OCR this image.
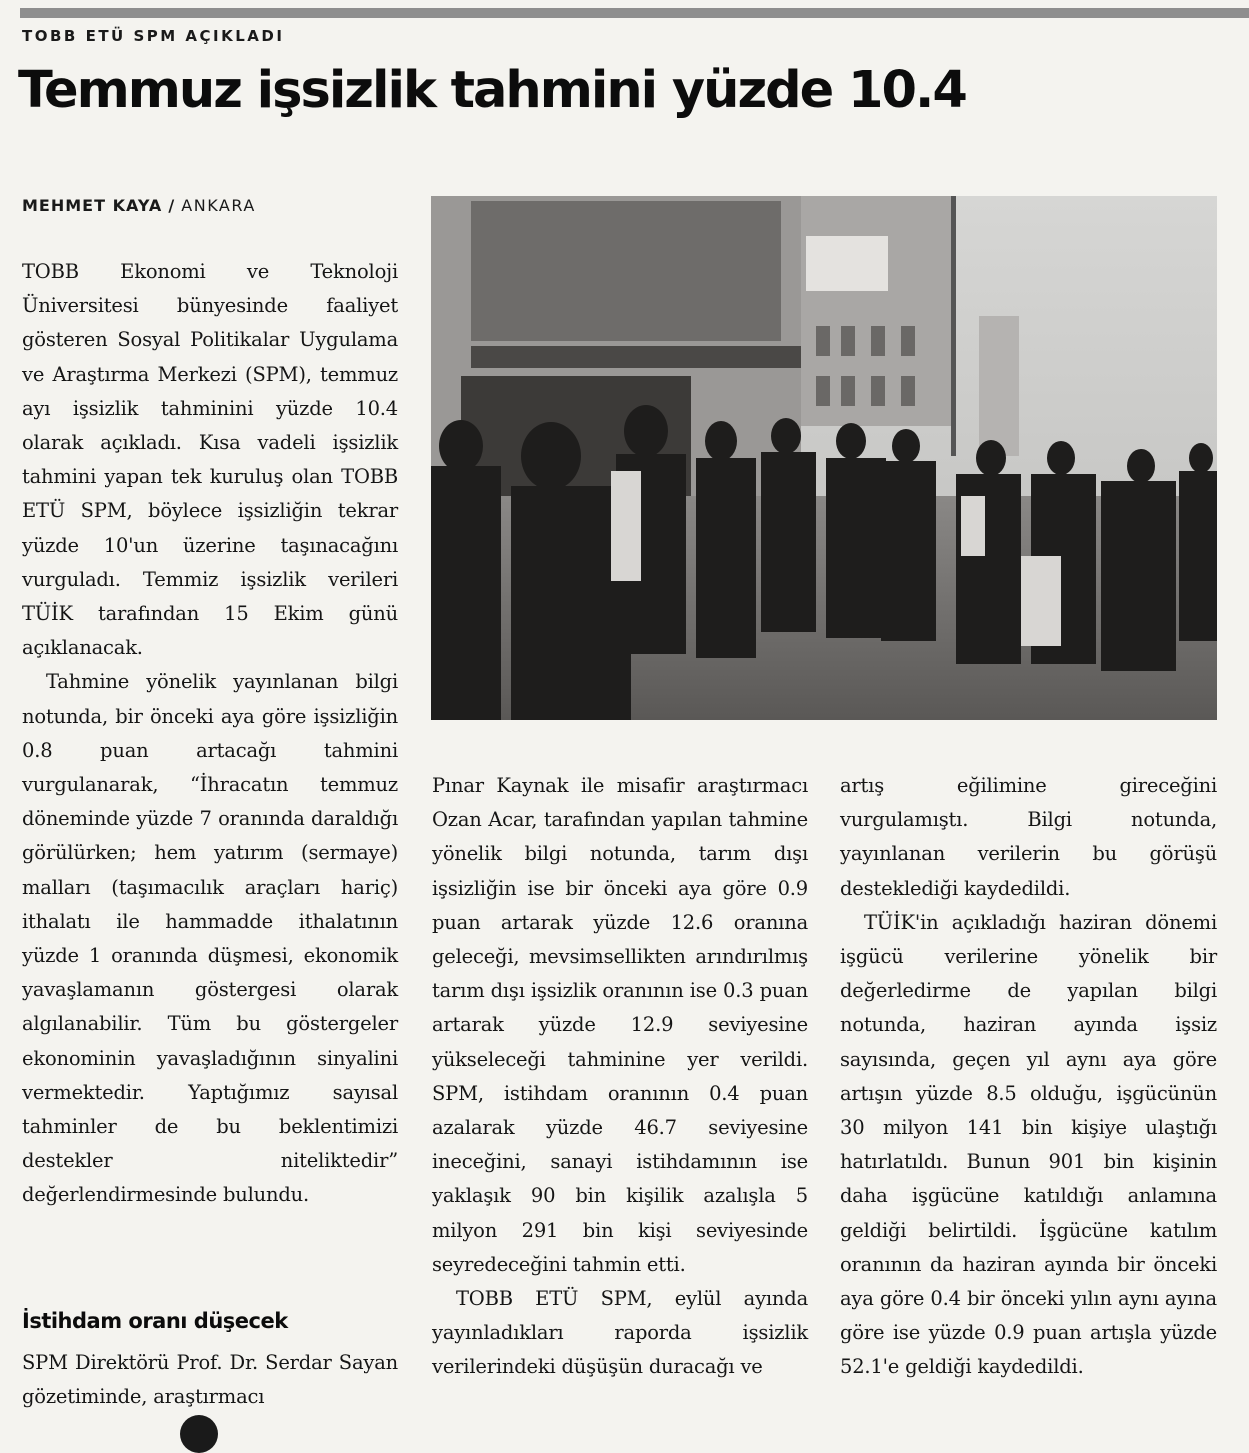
TOBB ETÜ SPM AÇIKLADI
Temmuz işsizlik tahmini yüzde 10.4
MEHMET KAYA / ANKARA

TOBB Ekonomi ve Teknoloji Üniversitesi bünyesinde faaliyet gösteren Sosyal Politikalar Uygulama ve Araştırma Merkezi (SPM), temmuz ayı işsizlik tahminini yüzde 10.4 olarak açıkladı. Kısa vadeli işsizlik tahmini yapan tek kuruluş olan TOBB ETÜ SPM, böylece işsizliğin tekrar yüzde 10'un üzerine taşınacağını vurguladı. Temmiz işsizlik verileri TÜİK tarafından 15 Ekim günü açıklanacak.

Tahmine yönelik yayınlanan bilgi notunda, bir önceki aya göre işsizliğin 0.8 puan artacağı tahmini vurgulanarak, “İhracatın temmuz döneminde yüzde 7 oranında daraldığı görülürken; hem yatırım (sermaye) malları (taşımacılık araçları hariç) ithalatı ile hammadde ithalatının yüzde 1 oranında düşmesi, ekonomik yavaşlamanın göstergesi olarak algılanabilir. Tüm bu göstergeler ekonominin yavaşladığının sinyalini vermektedir. Yaptığımız sayısal tahminler de bu beklentimizi destekler niteliktedir” değerlendirmesinde bulundu.

İstihdam oranı düşecek

SPM Direktörü Prof. Dr. Serdar Sayan gözetiminde, araştırmacı

Pınar Kaynak ile misafir araştırmacı Ozan Acar, tarafından yapılan tahmine yönelik bilgi notunda, tarım dışı işsizliğin ise bir önceki aya göre 0.9 puan artarak yüzde 12.6 oranına geleceği, mevsimsellikten arındırılmış tarım dışı işsizlik oranının ise 0.3 puan artarak yüzde 12.9 seviyesine yükseleceği tahminine yer verildi. SPM, istihdam oranının 0.4 puan azalarak yüzde 46.7 seviyesine ineceğini, sanayi istihdamının ise yaklaşık 90 bin kişilik azalışla 5 milyon 291 bin kişi seviyesinde seyredeceğini tahmin etti.

TOBB ETÜ SPM, eylül ayında yayınladıkları raporda işsizlik verilerindeki düşüşün duracağı ve

artış eğilimine gireceğini vurgulamıştı. Bilgi notunda, yayınlanan verilerin bu görüşü desteklediği kaydedildi.

TÜİK'in açıkladığı haziran dönemi işgücü verilerine yönelik bir değerledirme de yapılan bilgi notunda, haziran ayında işsiz sayısında, geçen yıl aynı aya göre artışın yüzde 8.5 olduğu, işgücünün 30 milyon 141 bin kişiye ulaştığı hatırlatıldı. Bunun 901 bin kişinin daha işgücüne katıldığı anlamına geldiği belirtildi. İşgücüne katılım oranının da haziran ayında bir önceki aya göre 0.4 bir önceki yılın aynı ayına göre ise yüzde 0.9 puan artışla yüzde 52.1'e geldiği kaydedildi.
